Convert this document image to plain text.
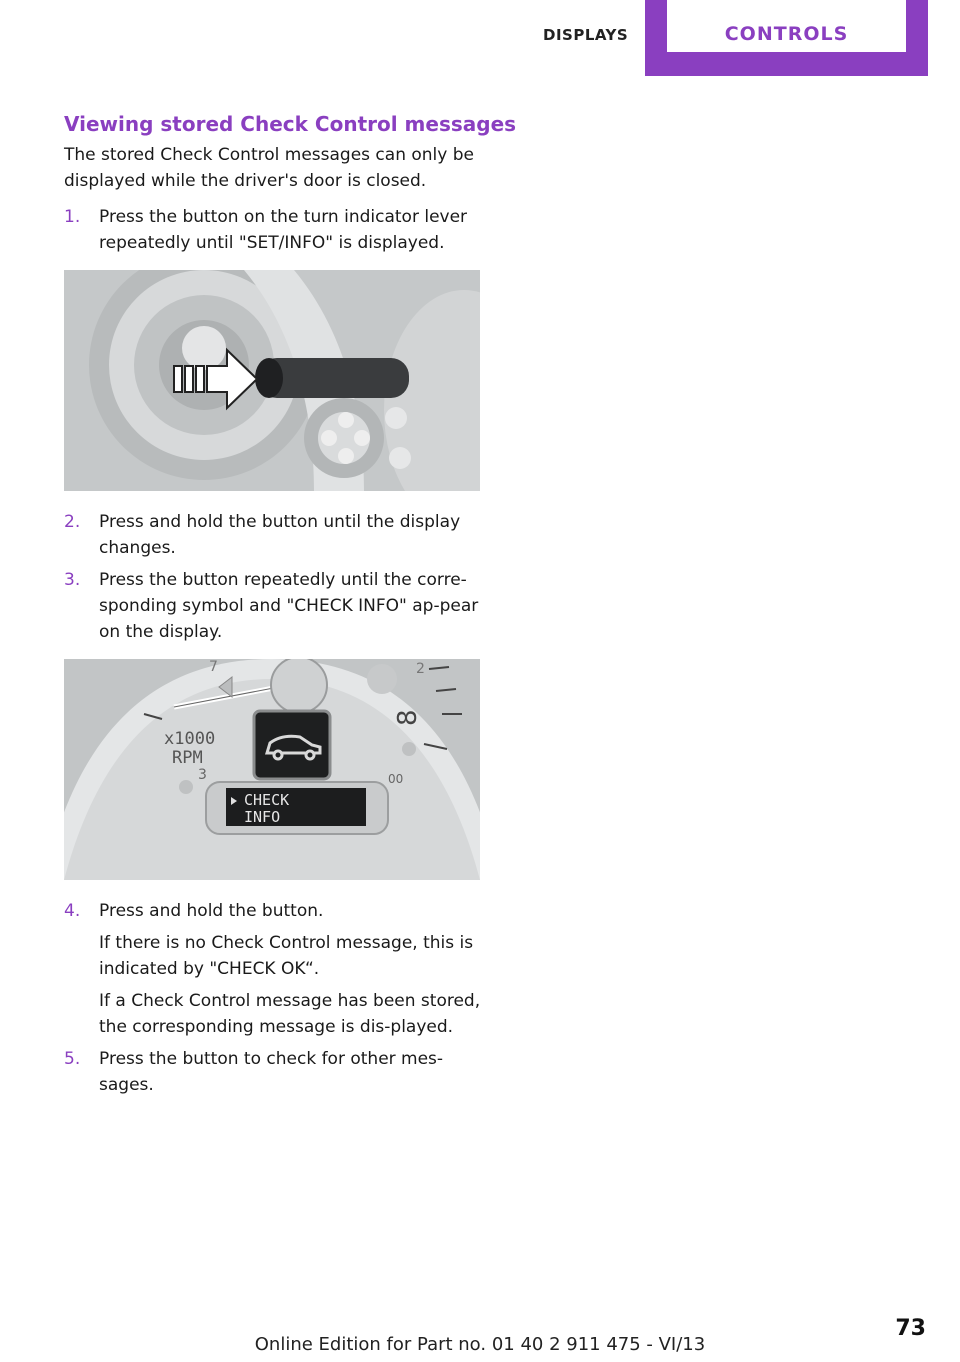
DISPLAYS	CONTROLS
Viewing stored Check Control messages

The stored Check Control messages can only be displayed while the driver's door is closed.

1. Press the button on the turn indicator lever repeatedly until "SET/INFO" is displayed.

2. Press and hold the button until the display changes.

3. Press the button repeatedly until the corre‐sponding symbol and "CHECK INFO" ap‐pear on the display.

x1000
RPM
3
8
00
7	2
CHECK
INFO
4. Press and hold the button.

If there is no Check Control message, this is indicated by "CHECK OK“.

If a Check Control message has been stored, the corresponding message is dis‐played.

5. Press the button to check for other mes‐sages.

Online Edition for Part no. 01 40 2 911 475 - VI/13
73
